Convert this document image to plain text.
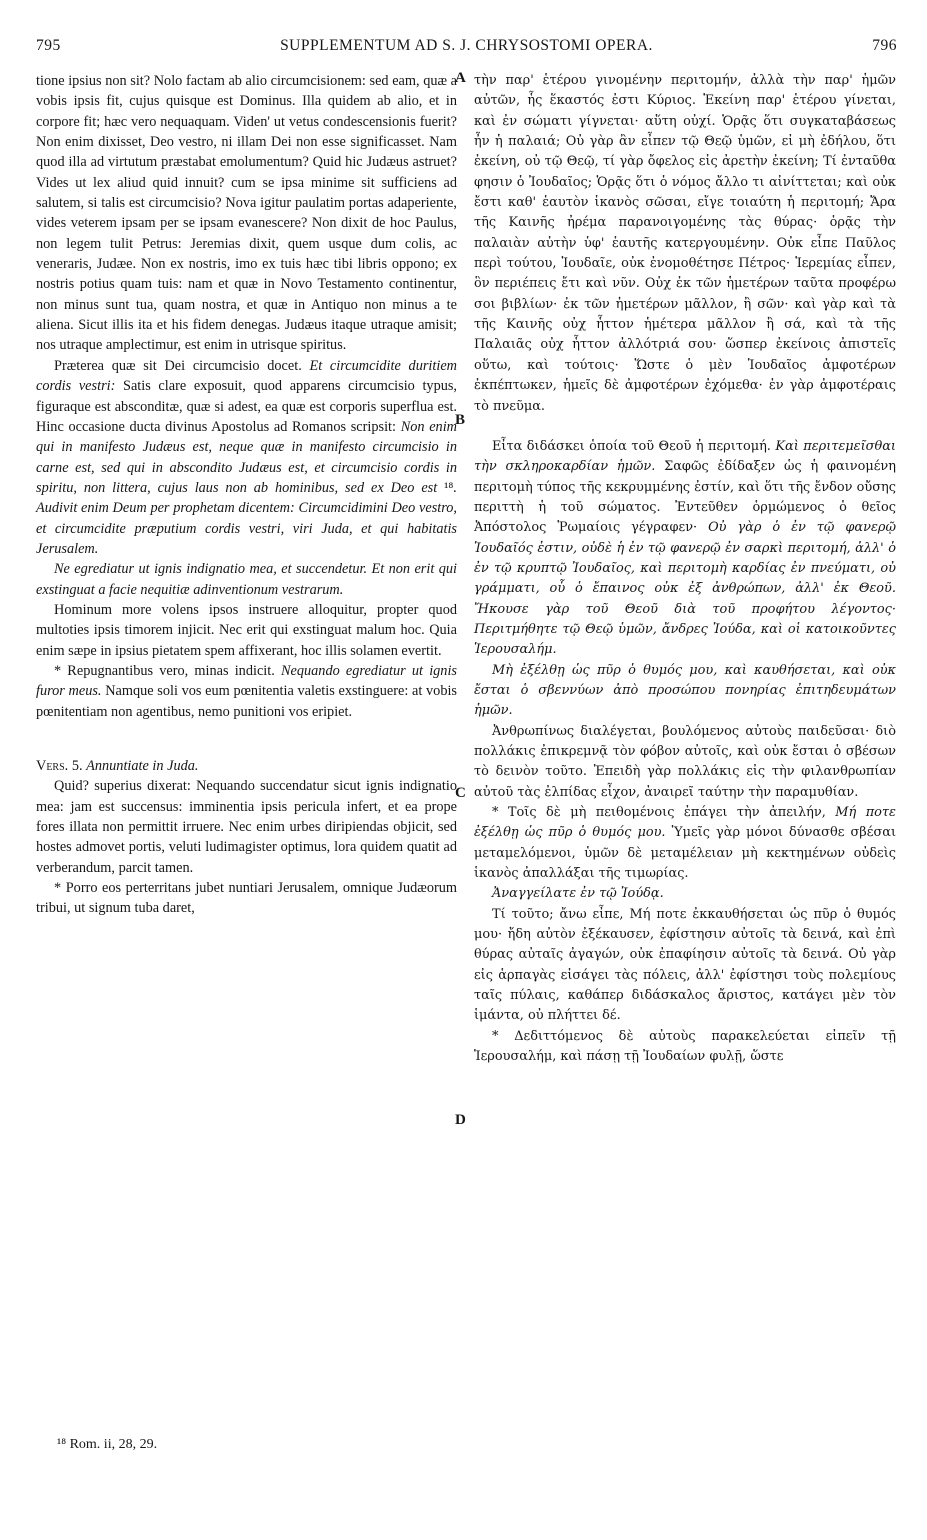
795	SUPPLEMENTUM AD S. J. CHRYSOSTOMI OPERA.	796

tione ipsius non sit? Nolo factam ab alio circumcisionem: sed eam, quæ a vobis ipsis fit, cujus quisque est Dominus. Illa quidem ab alio, et in corpore fit; hæc vero nequaquam. Viden' ut vetus condescensionis fuerit? Non enim dixisset, Deo vestro, ni illam Dei non esse significasset. Nam quod illa ad virtutum præstabat emolumentum? Quid hic Judæus astruet? Vides ut lex aliud quid innuit? cum se ipsa minime sit sufficiens ad salutem, si talis est circumcisio? Nova igitur paulatim portas adaperiente, vides veterem ipsam per se ipsam evanescere? Non dixit de hoc Paulus, non legem tulit Petrus: Jeremias dixit, quem usque dum colis, ac veneraris, Judæe. Non ex nostris, imo ex tuis hæc tibi libris oppono; ex nostris potius quam tuis: nam et quæ in Novo Testamento continentur, non minus sunt tua, quam nostra, et quæ in Antiquo non minus a te aliena. Sicut illis ita et his fidem denegas. Judæus itaque utraque amisit; nos utraque amplectimur, est enim in utrisque spiritus.

Præterea quæ sit Dei circumcisio docet. Et circumcidite duritiem cordis vestri: Satis clare exposuit, quod apparens circumcisio typus, figuraque est absconditæ, quæ si adest, ea quæ est corporis superflua est. Hinc occasione ducta divinus Apostolus ad Romanos scripsit: Non enim qui in manifesto Judæus est, neque quæ in manifesto circumcisio in carne est, sed qui in abscondito Judæus est, et circumcisio cordis in spiritu, non littera, cujus laus non ab hominibus, sed ex Deo est ¹⁸. Audivit enim Deum per prophetam dicentem: Circumcidimini Deo vestro, et circumcidite præputium cordis vestri, viri Juda, et qui habitatis Jerusalem.

Ne egrediatur ut ignis indignatio mea, et succendetur. Et non erit qui exstinguat a facie nequitiæ adinventionum vestrarum.

Hominum more volens ipsos instruere alloquitur, propter quod multoties ipsis timorem injicit. Nec erit qui exstinguat malum hoc. Quia enim sæpe in ipsius pietatem spem affixerant, hoc illis solamen evertit.

* Repugnantibus vero, minas indicit. Nequando egrediatur ut ignis furor meus. Namque soli vos eum pœnitentia valetis exstinguere: at vobis pœnitentiam non agentibus, nemo punitioni vos eripiet.

Vers. 5. Annuntiate in Juda.

Quid? superius dixerat: Nequando succendatur sicut ignis indignatio mea: jam est succensus: imminentia ipsis pericula infert, et ea prope fores illata non permittit irruere. Nec enim urbes diripiendas objicit, sed hostes admovet portis, veluti ludimagister optimus, lora quidem quatit ad verberandum, parcit tamen.

* Porro eos perterritans jubet nuntiari Jerusalem, omnique Judæorum tribui, ut signum tuba daret,

τὴν παρ' ἑτέρου γινομένην περιτομήν, ἀλλὰ τὴν παρ' ἡμῶν αὐτῶν, ἧς ἕκαστός ἐστι Κύριος. Ἐκείνη παρ' ἑτέρου γίνεται, καὶ ἐν σώματι γίγνεται· αὕτη οὐχί. Ὁρᾷς ὅτι συγκαταβάσεως ἦν ἡ παλαιά; Οὐ γὰρ ἂν εἶπεν τῷ Θεῷ ὑμῶν, εἰ μὴ ἐδήλου, ὅτι ἐκείνη, οὐ τῷ Θεῷ, τί γὰρ ὄφελος εἰς ἀρετὴν ἐκείνη; Τί ἐνταῦθα φησιν ὁ Ἰουδαῖος; Ὁρᾷς ὅτι ὁ νόμος ἄλλο τι αἰνίττεται; καὶ οὐκ ἔστι καθ' ἑαυτὸν ἱκανὸς σῶσαι, εἴγε τοιαύτη ἡ περιτομή; Ἄρα τῆς Καινῆς ἠρέμα παρανοιγομένης τὰς θύρας· ὁρᾷς τὴν παλαιὰν αὐτὴν ὑφ' ἑαυτῆς κατεργουμένην. Οὐκ εἶπε Παῦλος περὶ τούτου, Ἰουδαῖε, οὐκ ἐνομοθέτησε Πέτρος· Ἱερεμίας εἶπεν, ὃν περιέπεις ἔτι καὶ νῦν. Οὐχ ἐκ τῶν ἡμετέρων ταῦτα προφέρω σοι βιβλίων· ἐκ τῶν ἡμετέρων μᾶλλον, ἢ σῶν· καὶ γὰρ καὶ τὰ τῆς Καινῆς οὐχ ἧττον ἡμέτερα μᾶλλον ἢ σά, καὶ τὰ τῆς Παλαιᾶς οὐχ ἧττον ἀλλότριά σου· ὥσπερ ἐκείνοις ἀπιστεῖς οὕτω, καὶ τούτοις· Ὥστε ὁ μὲν Ἰουδαῖος ἀμφοτέρων ἐκπέπτωκεν, ἡμεῖς δὲ ἀμφοτέρων ἐχόμεθα· ἐν γὰρ ἀμφοτέραις τὸ πνεῦμα.

Εἶτα διδάσκει ὁποία τοῦ Θεοῦ ἡ περιτομή. Καὶ περιτεμεῖσθαι τὴν σκληροκαρδίαν ἡμῶν. Σαφῶς ἐδίδαξεν ὡς ἡ φαινομένη περιτομὴ τύπος τῆς κεκρυμμένης ἐστίν, καὶ ὅτι τῆς ἔνδον οὔσης περιττὴ ἡ τοῦ σώματος. Ἐντεῦθεν ὁρμώμενος ὁ θεῖος Ἀπόστολος Ῥωμαίοις γέγραφεν· Οὐ γὰρ ὁ ἐν τῷ φανερῷ Ἰουδαῖός ἐστιν, οὐδὲ ἡ ἐν τῷ φανερῷ ἐν σαρκὶ περιτομή, ἀλλ' ὁ ἐν τῷ κρυπτῷ Ἰουδαῖος, καὶ περιτομὴ καρδίας ἐν πνεύματι, οὐ γράμματι, οὗ ὁ ἔπαινος οὐκ ἐξ ἀνθρώπων, ἀλλ' ἐκ Θεοῦ. Ἤκουσε γὰρ τοῦ Θεοῦ διὰ τοῦ προφήτου λέγοντος· Περιτμήθητε τῷ Θεῷ ὑμῶν, ἄνδρες Ἰούδα, καὶ οἱ κατοικοῦντες Ἱερουσαλήμ.

Μὴ ἐξέλθῃ ὡς πῦρ ὁ θυμός μου, καὶ καυθήσεται, καὶ οὐκ ἔσται ὁ σβεννύων ἀπὸ προσώπου πονηρίας ἐπιτηδευμάτων ἡμῶν.

Ἀνθρωπίνως διαλέγεται, βουλόμενος αὐτοὺς παιδεῦσαι· διὸ πολλάκις ἐπικρεμνᾷ τὸν φόβον αὐτοῖς, καὶ οὐκ ἔσται ὁ σβέσων τὸ δεινὸν τοῦτο. Ἐπειδὴ γὰρ πολλάκις εἰς τὴν φιλανθρωπίαν αὐτοῦ τὰς ἐλπίδας εἶχον, ἀναιρεῖ ταύτην τὴν παραμυθίαν.

* Τοῖς δὲ μὴ πειθομένοις ἐπάγει τὴν ἀπειλήν, Μή ποτε ἐξέλθῃ ὡς πῦρ ὁ θυμός μου. Ὑμεῖς γὰρ μόνοι δύνασθε σβέσαι μεταμελόμενοι, ὑμῶν δὲ μεταμέλειαν μὴ κεκτημένων οὐδεὶς ἱκανὸς ἀπαλλάξαι τῆς τιμωρίας.

Ἀναγγείλατε ἐν τῷ Ἰούδᾳ.

Τί τοῦτο; ἄνω εἶπε, Μή ποτε ἐκκαυθήσεται ὡς πῦρ ὁ θυμός μου· ἤδη αὐτὸν ἐξέκαυσεν, ἐφίστησιν αὐτοῖς τὰ δεινά, καὶ ἐπὶ θύρας αὐταῖς ἀγαγών, οὐκ ἐπαφίησιν αὐτοῖς τὰ δεινά. Οὐ γὰρ εἰς ἁρπαγὰς εἰσάγει τὰς πόλεις, ἀλλ' ἐφίστησι τοὺς πολεμίους ταῖς πύλαις, καθάπερ διδάσκαλος ἄριστος, κατάγει μὲν τὸν ἱμάντα, οὐ πλήττει δέ.

* Δεδιττόμενος δὲ αὐτοὺς παρακελεύεται εἰπεῖν τῇ Ἱερουσαλήμ, καὶ πάσῃ τῇ Ἰουδαίων φυλῇ, ὥστε

A
B
C
D
¹⁸ Rom. ii, 28, 29.
